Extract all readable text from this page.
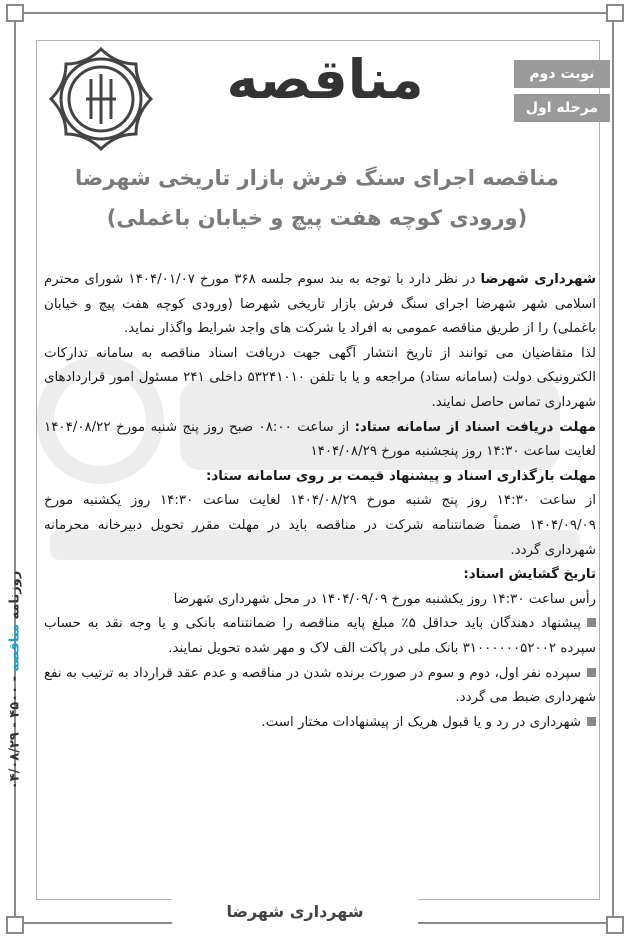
مناقصه	نوبت دوم
مرحله اول
مناقصه اجرای سنگ فرش بازار تاریخی شهرضا
(ورودی کوچه هفت پیچ و خیابان باغملی)

شهرداری شهرضا در نظر دارد با توجه به بند سوم جلسه ۳۶۸ مورخ ۱۴۰۴/۰۱/۰۷ شورای محترم اسلامی شهر شهرضا اجرای سنگ فرش بازار تاریخی شهرضا (ورودی کوچه هفت پیچ و خیابان باغملی) را از طریق مناقصه عمومی به افراد یا شرکت های واجد شرایط واگذار نماید.

لذا متقاضیان می توانند از تاریخ انتشار آگهی جهت دریافت اسناد مناقصه به سامانه تدارکات الکترونیکی دولت (سامانه ستاد) مراجعه و یا با تلفن ۵۳۲۴۱۰۱۰ داخلی ۲۴۱ مسئول امور قراردادهای شهرداری تماس حاصل نمایند.

مهلت دریافت اسناد از سامانه ستاد: از ساعت ۰۸:۰۰ صبح روز پنج شنبه مورخ ۱۴۰۴/۰۸/۲۲ لغایت ساعت ۱۴:۳۰ روز پنجشنبه مورخ ۱۴۰۴/۰۸/۲۹

مهلت بارگذاری اسناد و پیشنهاد قیمت بر روی سامانه ستاد:

از ساعت ۱۴:۳۰ روز پنج شنبه مورخ ۱۴۰۴/۰۸/۲۹ لغایت ساعت ۱۴:۳۰ روز یکشنبه مورخ ۱۴۰۴/۰۹/۰۹ ضمناً ضمانتنامه شرکت در مناقصه باید در مهلت مقرر تحویل دبیرخانه محرمانه شهرداری گردد.

تاریخ گشایش اسناد:

رأس ساعت ۱۴:۳۰ روز یکشنبه مورخ ۱۴۰۴/۰۹/۰۹ در محل شهرداری شهرضا

پیشنهاد دهندگان باید حداقل ۵٪ مبلغ پایه مناقصه را ضمانتنامه بانکی و یا وجه نقد به حساب سپرده ۳۱۰۰۰۰۰۰۵۲۰۰۲ بانک ملی در پاکت الف لاک و مهر شده تحویل نمایند.

سپرده نفر اول، دوم و سوم در صورت برنده شدن در مناقصه و عدم عقد قرارداد به ترتیب به نفع شهرداری ضبط می گردد.

شهرداری در رد و یا قبول هریک از پیشنهادات مختار است.

روزنامه مناقصه - ۴۵۰۰ - ۰۴/۰۸/۲۹
شهرداری شهرضا
